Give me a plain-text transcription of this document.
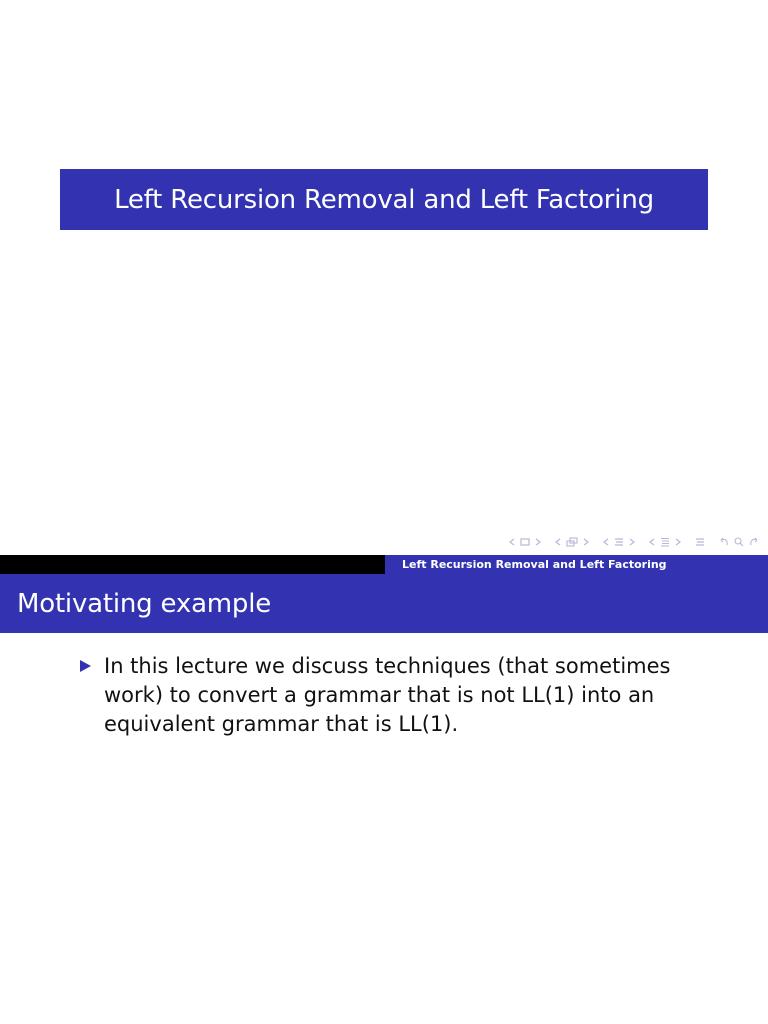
Left Recursion Removal and Left Factoring
Left Recursion Removal and Left Factoring
Motivating example
In this lecture we discuss techniques (that sometimes work) to convert a grammar that is not LL(1) into an equivalent grammar that is LL(1).
